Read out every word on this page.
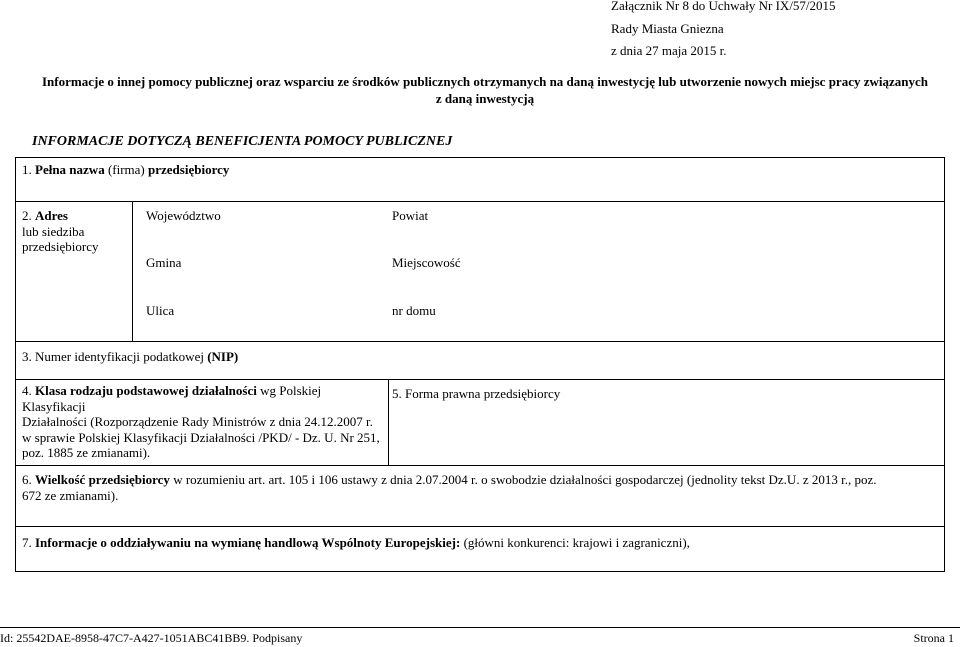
Załącznik Nr 8 do Uchwały Nr IX/57/2015
Rady Miasta Gniezna
z dnia 27 maja 2015 r.
Informacje o innej pomocy publicznej oraz wsparciu ze środków publicznych otrzymanych na daną inwestycję lub utworzenie nowych miejsc pracy związanych
z daną inwestycją
INFORMACJE DOTYCZĄ BENEFICJENTA POMOCY PUBLICZNEJ
1. Pełna nazwa (firma) przedsiębiorcy
2. Adres
lub siedziba
przedsiębiorcy
Województwo	Powiat
Gmina	Miejscowość
Ulica	nr domu
3. Numer identyfikacji podatkowej (NIP)
4. Klasa rodzaju podstawowej działalności wg Polskiej Klasyfikacji
Działalności (Rozporządzenie Rady Ministrów z dnia 24.12.2007 r.
w sprawie Polskiej Klasyfikacji Działalności /PKD/ - Dz. U. Nr 251,
poz. 1885 ze zmianami).
5. Forma prawna przedsiębiorcy
6. Wielkość przedsiębiorcy w rozumieniu art. art. 105 i 106 ustawy z dnia 2.07.2004 r. o swobodzie działalności gospodarczej (jednolity tekst Dz.U. z 2013 r., poz.
672 ze zmianami).
7. Informacje o oddziaływaniu na wymianę handlową Wspólnoty Europejskiej: (główni konkurenci: krajowi i zagraniczni),
Id: 25542DAE-8958-47C7-A427-1051ABC41BB9. Podpisany	Strona 1
